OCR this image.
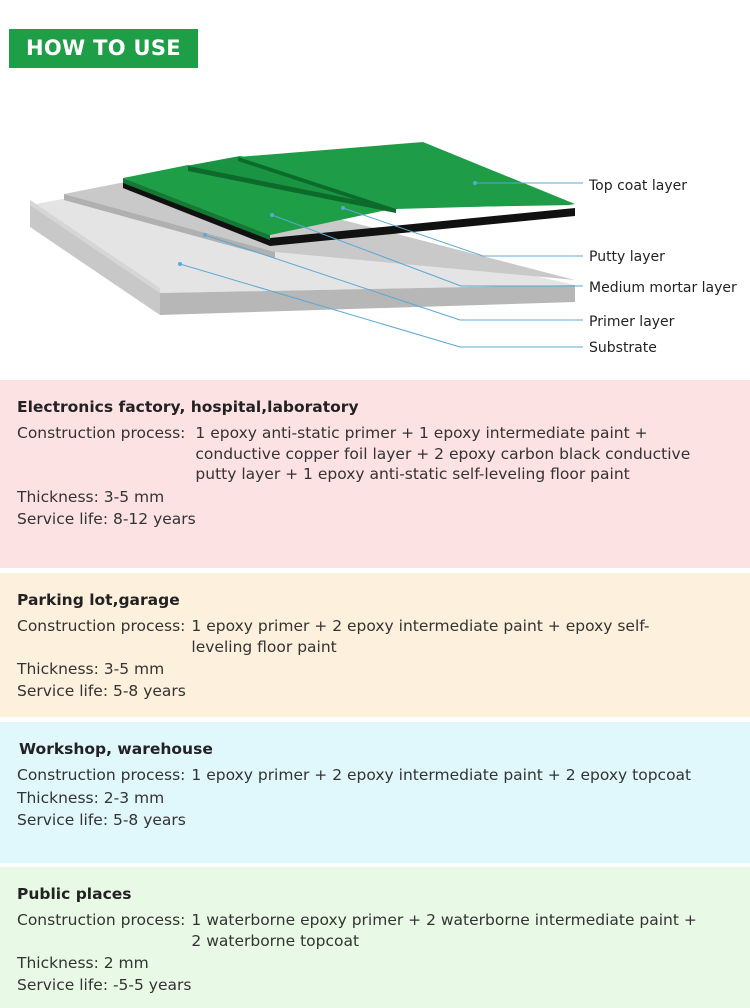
HOW TO USE
Top coat layer
Putty layer
Medium mortar layer
Primer layer
Substrate
Electronics factory, hospital,laboratory
Construction process: 1 epoxy anti-static primer + 1 epoxy intermediate paint + conductive copper foil layer + 2 epoxy carbon black conductive putty layer + 1 epoxy anti-static self-leveling floor paint
Thickness: 3-5 mm
Service life: 8-12 years
Parking lot,garage
Construction process: 1 epoxy primer + 2 epoxy intermediate paint + epoxy self-leveling floor paint
Thickness: 3-5 mm
Service life: 5-8 years
Workshop, warehouse
Construction process: 1 epoxy primer + 2 epoxy intermediate paint + 2 epoxy topcoat
Thickness: 2-3 mm
Service life: 5-8 years
Public places
Construction process: 1 waterborne epoxy primer + 2 waterborne intermediate paint + 2 waterborne topcoat
Thickness: 2 mm
Service life: -5-5 years
